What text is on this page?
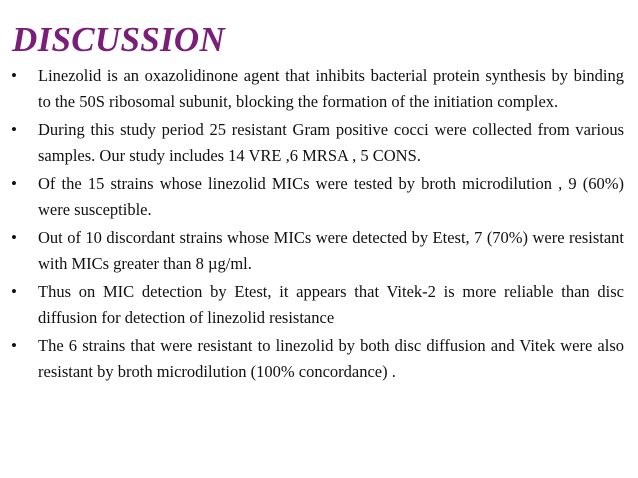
DISCUSSION
•	Linezolid is an oxazolidinone agent that inhibits bacterial protein synthesis by binding to the 50S ribosomal subunit, blocking the formation of the initiation complex.
•	During this study period 25 resistant Gram positive cocci were collected from various samples. Our study includes 14 VRE ,6 MRSA , 5 CONS.
•	Of the 15 strains whose linezolid MICs were tested by broth microdilution , 9 (60%) were susceptible.
•	Out of 10 discordant strains whose MICs were detected by Etest, 7 (70%) were resistant with MICs greater than 8 µg/ml.
•	Thus on MIC detection by Etest, it appears that Vitek-2 is more reliable than disc diffusion for detection of linezolid resistance
•	The 6 strains that were resistant to linezolid by both disc diffusion and Vitek were also resistant by broth microdilution (100% concordance) .
